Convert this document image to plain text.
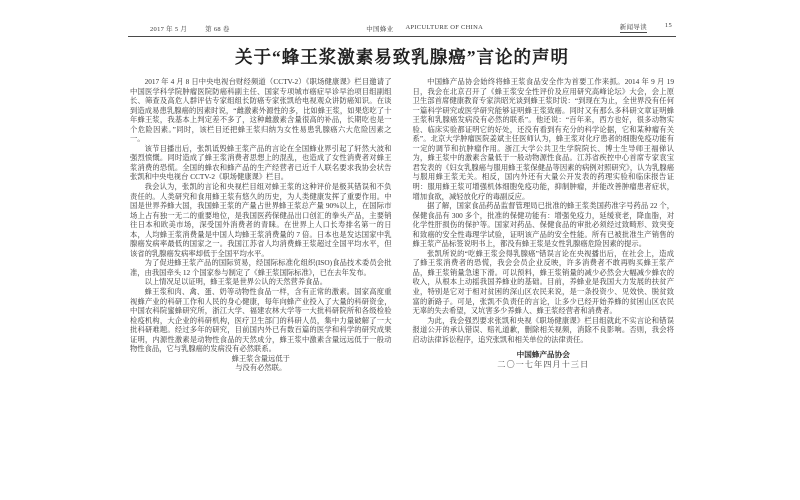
2017 年 5 月	第 68 卷	中国蜂业 APICULTURE OF CHINA	新闻导读	15
关于“蜂王浆激素易致乳腺癌”言论的声明

2017 年 4 月 8 日中央电视台财经频道（CCTV-2）《职场健康课》栏目邀请了中国医学科学院肿瘤医院防癌科副主任、国家专项城市癌症早诊早治项目组副组长、筛查及高危人群评估专家组组长防癌专家张凯给电视观众讲防癌知识。在谈到造成易患乳腺癌的因素时说，“雌激素外源性的多，比如蜂王浆，如果您吃了十年蜂王浆，我基本上判定差不多了，这种雌激素含量很高的补品，长期吃也是一个危险因素。”同时，该栏目还把蜂王浆归纳为女性易患乳腺癌六大危险因素之一。

该节目播出后，张凯诋毁蜂王浆产品的言论在全国蜂业界引起了轩然大波和强烈愤慨。同时造成了蜂王浆消费者思想上的混乱，也造成了女性消费者对蜂王浆消费的恐慌。全国的蜂农和蜂产品的生产经营者已近千人联名要求我协会状告张凯和中央电视台 CCTV-2《职场健康课》栏目。

我会认为，张凯的言论和央视栏目组对蜂王浆的这种评价是极其错误和不负责任的。人类研究和食用蜂王浆有悠久的历史，为人类健康发挥了重要作用。中国是世界养蜂大国，我国蜂王浆的产量占世界蜂王浆总产量 90%以上，在国际市场上占有独一无二的重要地位，是我国医药保健品出口创汇的拳头产品，主要销往日本和欧美市场，深受国外消费者的青睐。在世界上人口长寿排名第一的日本，人均蜂王浆消费量是中国人均蜂王浆消费量的 7 倍。日本也是发达国家中乳腺癌发病率最低的国家之一。我国江苏省人均消费蜂王浆超过全国平均水平，但该省的乳腺癌发病率却低于全国平均水平。

为了促进蜂王浆产品的国际贸易，经国际标准化组织(ISO)食品技术委员会批准，由我国牵头 12 个国家参与制定了《蜂王浆国际标准》，已在去年发布。

以上情况足以证明，蜂王浆是世界公认的天然营养食品。

蜂王浆和肉、禽、蛋、奶等动物性食品一样，含有正常的激素。国家高度重视蜂产业的科研工作和人民的身心健康，每年向蜂产业投入了大量的科研资金，中国农科院蜜蜂研究所，浙江大学、福建农林大学等一大批科研院所和各级检验检疫机构，大企业的科研机构，医疗卫生部门的科研人员，集中力量破解了一大批科研难题。经过多年的研究，目前国内外已有数百篇的医学和科学的研究成果证明，内源性激素是动物性食品的天然成分，蜂王浆中激素含量远远低于一般动物性食品，它与乳腺癌的发病没有必然联系。

蜂王浆含量远低于

与没有必然联。

中国蜂产品协会始终将蜂王浆食品安全作为首要工作来抓。2014 年 9 月 19 日，我会在北京召开了《蜂王浆安全性评价及应用研究高峰论坛》大会，会上原卫生部首席健康教育专家洪昭光谈到蜂王浆时说：“到现在为止，全世界没有任何一篇科学研究或医学研究能够证明蜂王浆致癌。同时又有那么多科研文章证明蜂王浆和乳腺癌发病没有必然的联系”。他还说：“百年来，西方也好，很多动物实验、临床实验都证明它的好处，还没有看到有充分的科学论据，它和某种瘤有关系”。北京大学肿瘤医院姜斌主任医师认为，蜂王浆对化疗患者的细胞免疫功能有一定的调节和抗肿瘤作用。浙江大学公共卫生学院院长、博士生导师王福俤认为，蜂王浆中的激素含量低于一般动物源性食品。江苏省疾控中心首席专家袁宝君发表的《妇女乳腺癌与服用蜂王浆保健品等因素的病例对照研究》，认为乳腺癌与服用蜂王浆无关。相反，国内外还有大量公开发表的药理实验和临床报告证明：服用蜂王浆可增强机体细胞免疫功能，抑制肿瘤，并能改善肿瘤患者症状，增加食欲，减轻放化疗的毒副反应。

据了解，国家食品药品监督管理局已批准的蜂王浆类国药准字号药品 22 个，保健食品有 300 多个，批准的保健功能有：增强免疫力，延缓衰老，降血脂，对化学性肝损伤的保护等。国家对药品、保健食品的审批必须经过致畸形、致突变和致癌的安全性毒理学试验，证明该产品的安全性能。所有已被批准生产销售的蜂王浆产品标签说明书上，都没有蜂王浆是女性乳腺癌危险因素的提示。

张凯所说的“吃蜂王浆会得乳腺癌”错误言论在央视播出后，在社会上，造成了蜂王浆消费者的恐慌，我会会员企业反映，许多消费者不敢再购买蜂王浆产品，蜂王浆销量急速下滑。可以预料，蜂王浆销量的减少必然会大幅减少蜂农的收入，从根本上动摇我国养蜂业的基础。目前，养蜂业是我国大力发展的扶贫产业，特别是它对于相对贫困的深山区农民来说，是一条投资少、见效快、脱贫致富的新路子。可是，张凯不负责任的言论，让多少已经开始养蜂的贫困山区农民无辜的失去希望，又坑害多少养蜂人、蜂王浆经营者和消费者。

为此，我会强烈要求张凯和央视《职场健康课》栏目组就此不实言论和错误报道公开的承认错误、赔礼道歉，删除相关视频，消除不良影响。否则，我会将启动法律诉讼程序，追究张凯和相关单位的法律责任。

中国蜂产品协会

二〇一七年四月十三日
